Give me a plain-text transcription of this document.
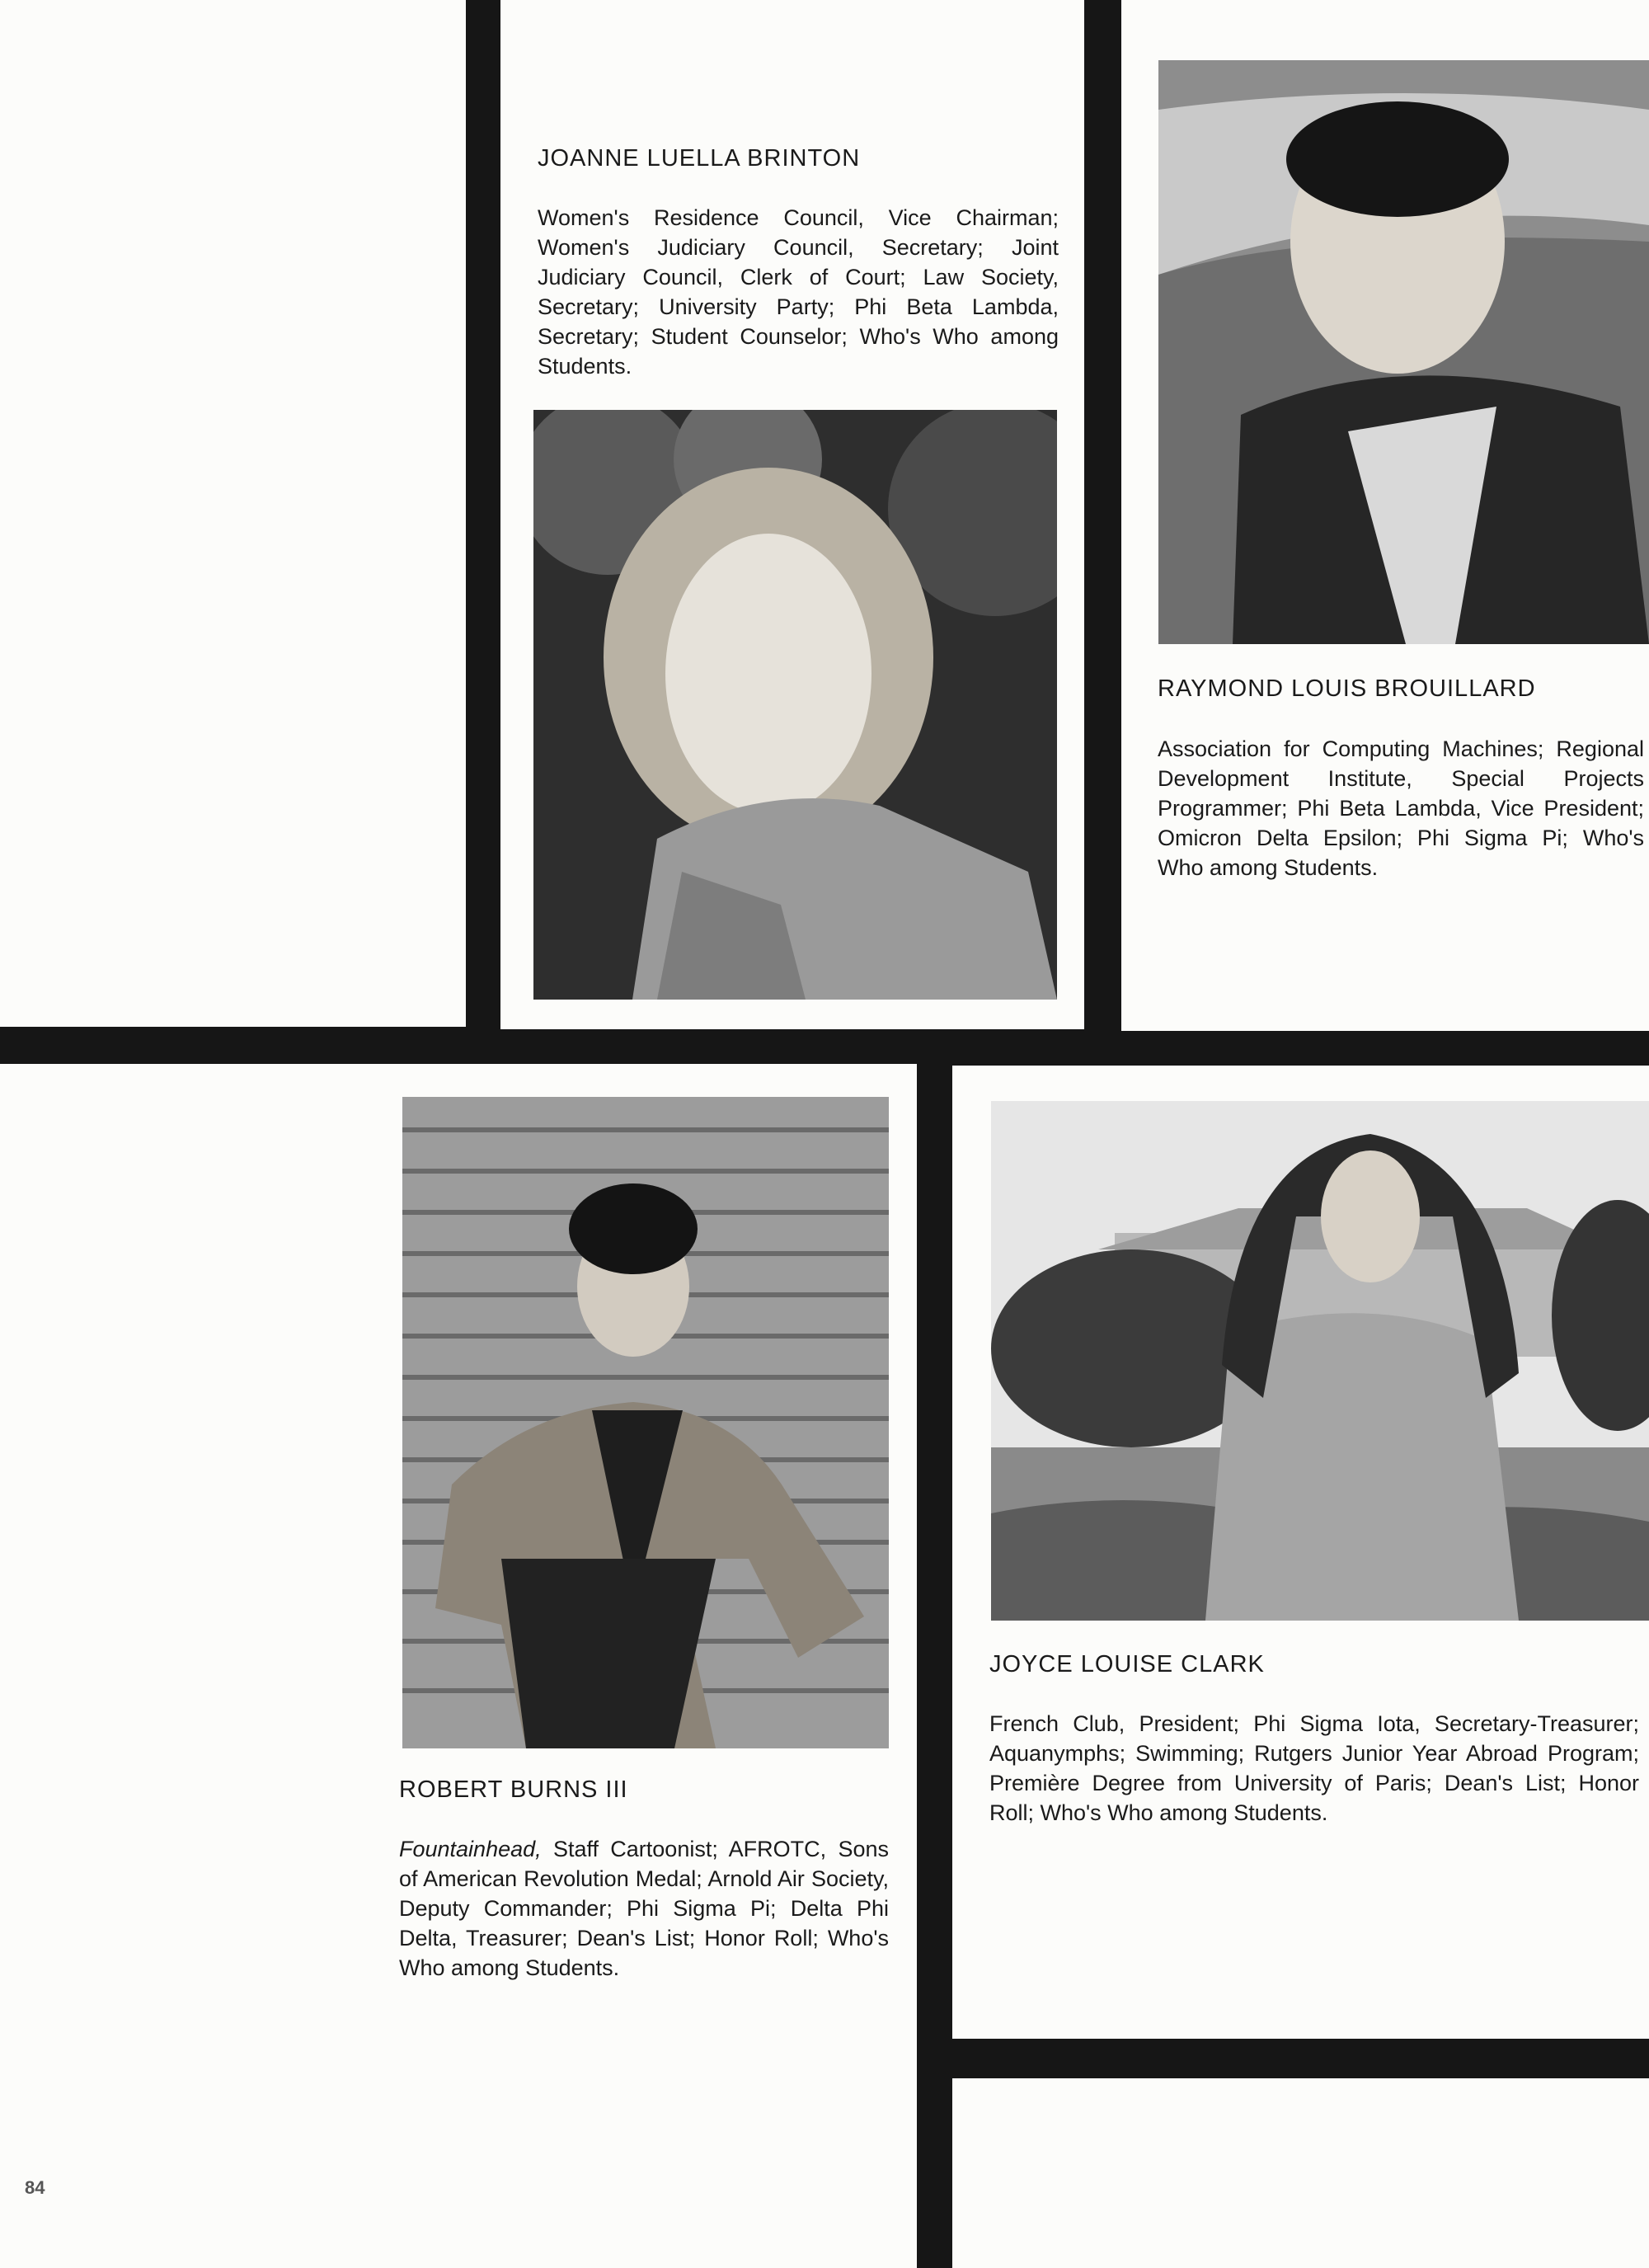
JOANNE LUELLA BRINTON
Women's Residence Council, Vice Chairman; Women's Judiciary Council, Secretary; Joint Judiciary Council, Clerk of Court; Law Society, Secretary; University Party; Phi Beta Lambda, Secretary; Student Counselor; Who's Who among Students.
RAYMOND LOUIS BROUILLARD
Association for Computing Machines; Regional Development Institute, Special Projects Programmer; Phi Beta Lambda, Vice President; Omicron Delta Epsilon; Phi Sigma Pi; Who's Who among Students.
ROBERT BURNS III
Fountainhead, Staff Cartoonist; AFROTC, Sons of American Revolution Medal; Arnold Air Society, Deputy Commander; Phi Sigma Pi; Delta Phi Delta, Treasurer; Dean's List; Honor Roll; Who's Who among Students.
JOYCE LOUISE CLARK
French Club, President; Phi Sigma Iota, Secretary-Treasurer; Aquanymphs; Swimming; Rutgers Junior Year Abroad Program; Première Degree from University of Paris; Dean's List; Honor Roll; Who's Who among Students.
84
